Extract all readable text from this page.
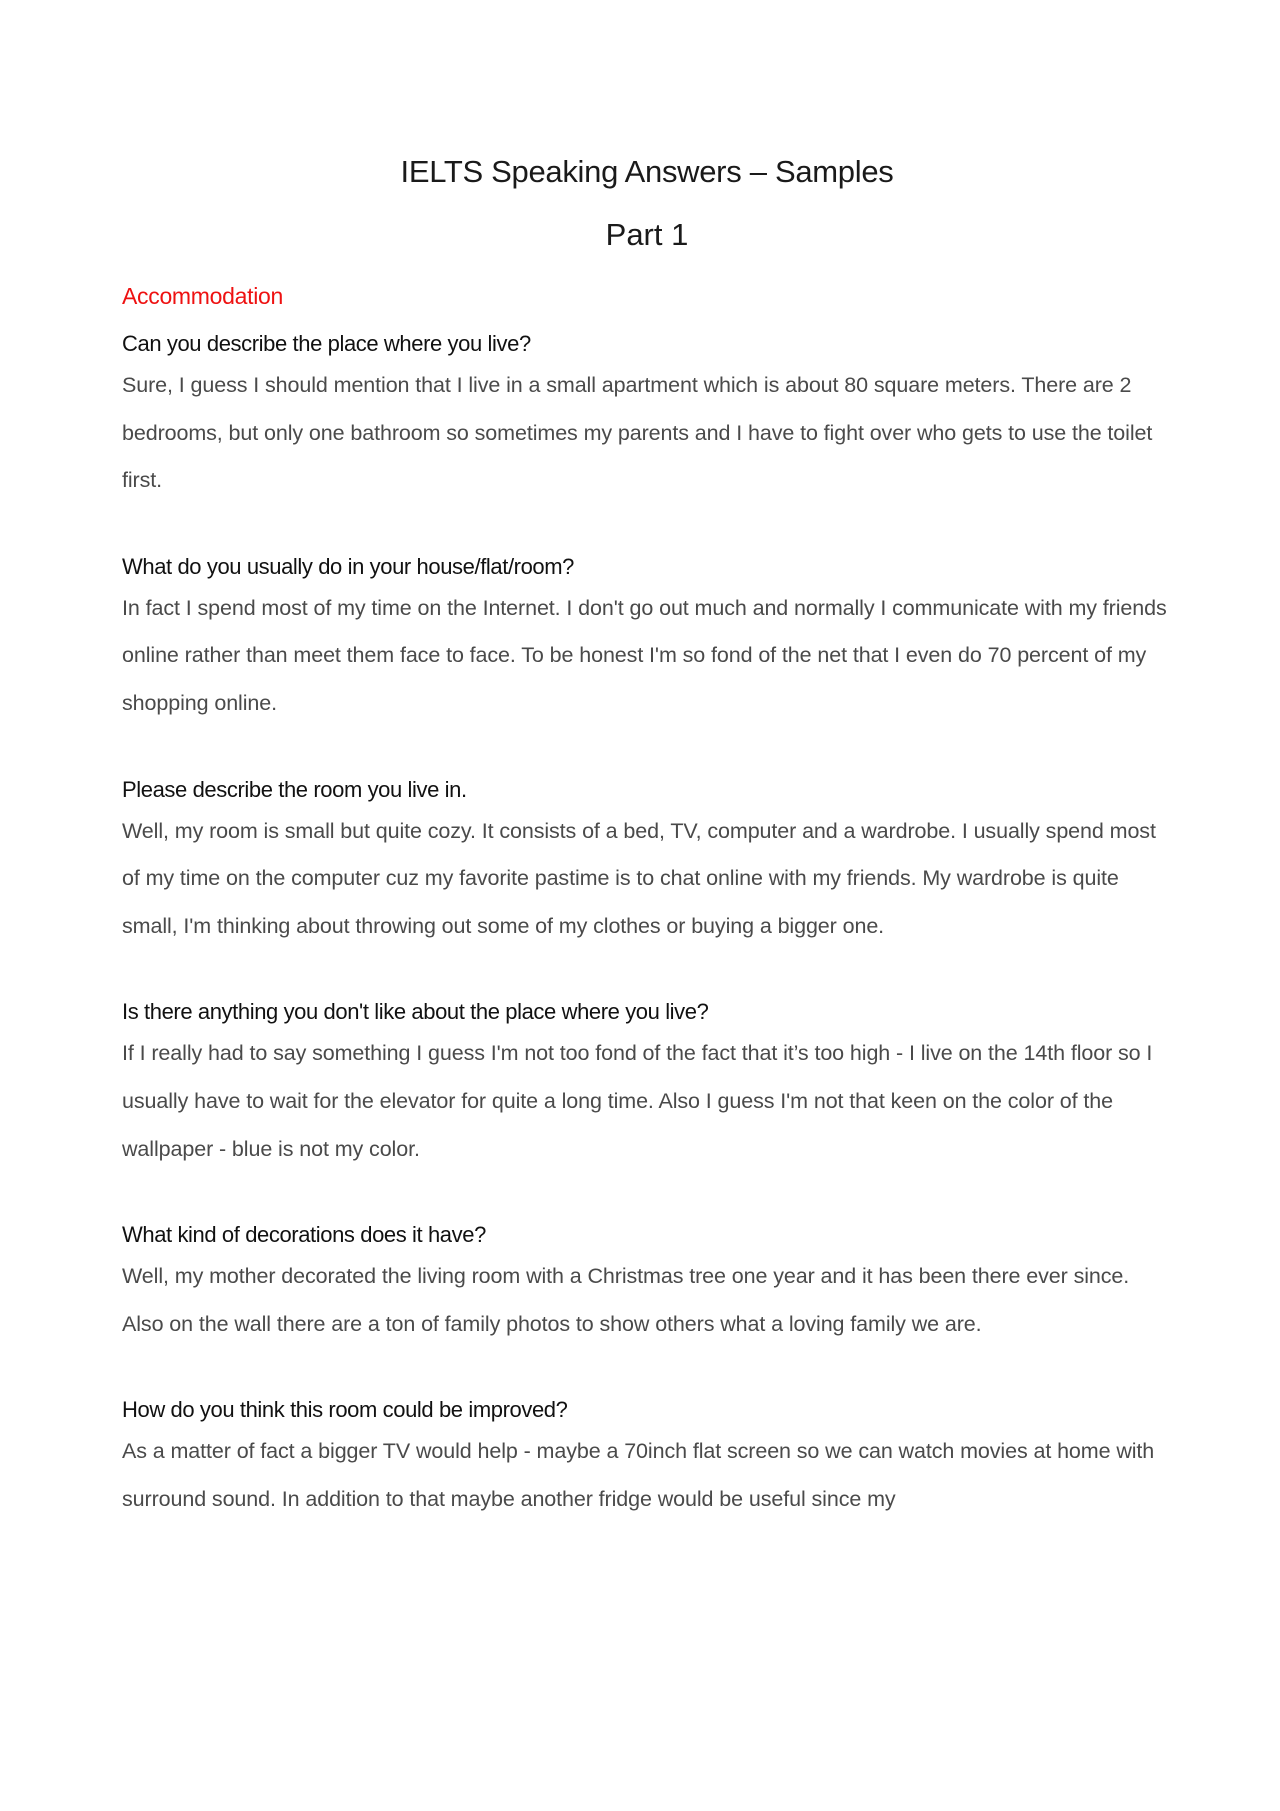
IELTS Speaking Answers – Samples
Part 1
Accommodation
Can you describe the place where you live?
Sure, I guess I should mention that I live in a small apartment which is about 80 square meters. There are 2 bedrooms, but only one bathroom so sometimes my parents and I have to fight over who gets to use the toilet first.
What do you usually do in your house/flat/room?
In fact I spend most of my time on the Internet. I don't go out much and normally I communicate with my friends online rather than meet them face to face. To be honest I'm so fond of the net that I even do 70 percent of my shopping online.
Please describe the room you live in.
Well, my room is small but quite cozy. It consists of a bed, TV, computer and a wardrobe. I usually spend most of my time on the computer cuz my favorite pastime is to chat online with my friends. My wardrobe is quite small, I'm thinking about throwing out some of my clothes or buying a bigger one.
Is there anything you don't like about the place where you live?
If I really had to say something I guess I'm not too fond of the fact that it’s too high - I live on the 14th floor so I usually have to wait for the elevator for quite a long time. Also I guess I'm not that keen on the color of the wallpaper - blue is not my color.
What kind of decorations does it have?
Well, my mother decorated the living room with a Christmas tree one year and it has been there ever since. Also on the wall there are a ton of family photos to show others what a loving family we are.
How do you think this room could be improved?
As a matter of fact a bigger TV would help - maybe a 70inch flat screen so we can watch movies at home with surround sound. In addition to that maybe another fridge would be useful since my
